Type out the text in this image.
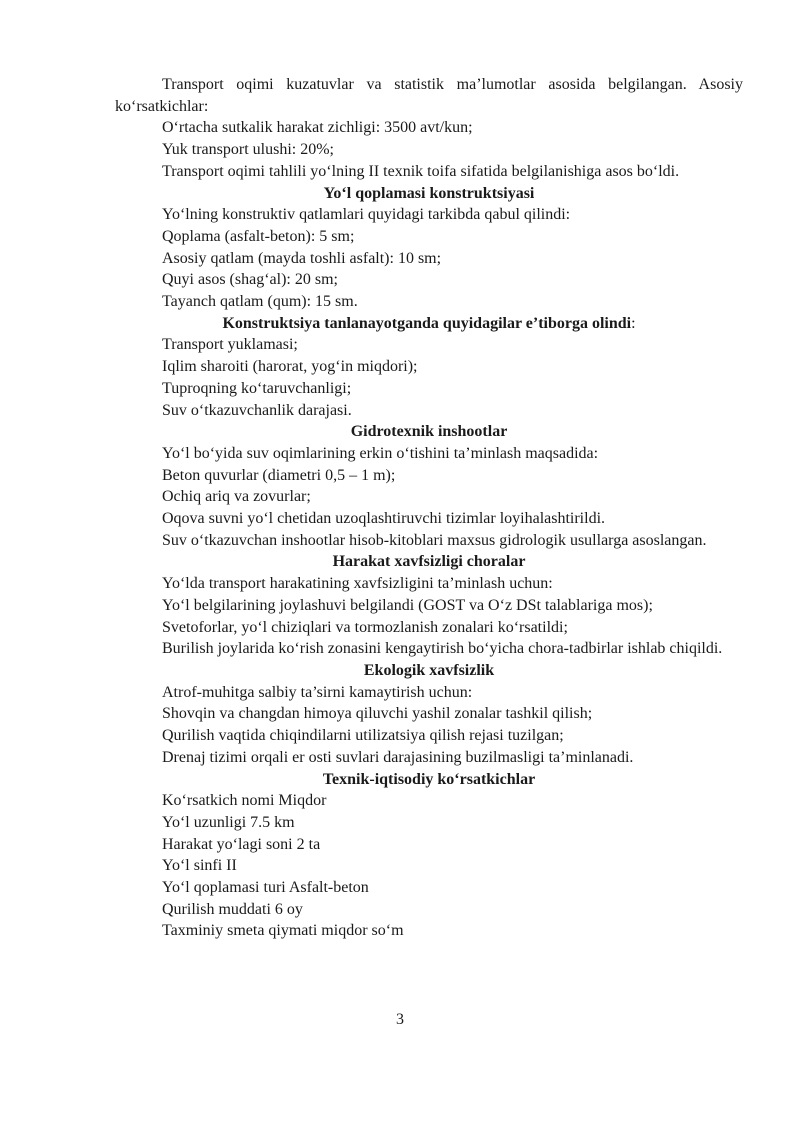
Transport oqimi kuzatuvlar va statistik ma’lumotlar asosida belgilangan. Asosiy ko‘rsatkichlar:

O‘rtacha sutkalik harakat zichligi: 3500 avt/kun;

Yuk transport ulushi: 20%;

Transport oqimi tahlili yo‘lning II texnik toifa sifatida belgilanishiga asos bo‘ldi.

Yo‘l qoplamasi konstruktsiyasi

Yo‘lning konstruktiv qatlamlari quyidagi tarkibda qabul qilindi:

Qoplama (asfalt-beton): 5 sm;

Asosiy qatlam (mayda toshli asfalt): 10 sm;

Quyi asos (shag‘al): 20 sm;

Tayanch qatlam (qum): 15 sm.

Konstruktsiya tanlanayotganda quyidagilar e’tiborga olindi:

Transport yuklamasi;

Iqlim sharoiti (harorat, yog‘in miqdori);

Tuproqning ko‘taruvchanligi;

Suv o‘tkazuvchanlik darajasi.

Gidrotexnik inshootlar

Yo‘l bo‘yida suv oqimlarining erkin o‘tishini ta’minlash maqsadida:

Beton quvurlar (diametri 0,5 – 1 m);

Ochiq ariq va zovurlar;

Oqova suvni yo‘l chetidan uzoqlashtiruvchi tizimlar loyihalashtirildi.

Suv o‘tkazuvchan inshootlar hisob-kitoblari maxsus gidrologik usullarga asoslangan.

Harakat xavfsizligi choralar

Yo‘lda transport harakatining xavfsizligini ta’minlash uchun:

Yo‘l belgilarining joylashuvi belgilandi (GOST va O‘z DSt talablariga mos);

Svetoforlar, yo‘l chiziqlari va tormozlanish zonalari ko‘rsatildi;

Burilish joylarida ko‘rish zonasini kengaytirish bo‘yicha chora-tadbirlar ishlab chiqildi.

Ekologik xavfsizlik

Atrof-muhitga salbiy ta’sirni kamaytirish uchun:

Shovqin va changdan himoya qiluvchi yashil zonalar tashkil qilish;

Qurilish vaqtida chiqindilarni utilizatsiya qilish rejasi tuzilgan;

Drenaj tizimi orqali er osti suvlari darajasining buzilmasligi ta’minlanadi.

Texnik-iqtisodiy ko‘rsatkichlar

Ko‘rsatkich nomi Miqdor

Yo‘l uzunligi 7.5 km

Harakat yo‘lagi soni 2 ta

Yo‘l sinfi II

Yo‘l qoplamasi turi Asfalt-beton

Qurilish muddati 6 oy

Taxminiy smeta qiymati miqdor so‘m

3
